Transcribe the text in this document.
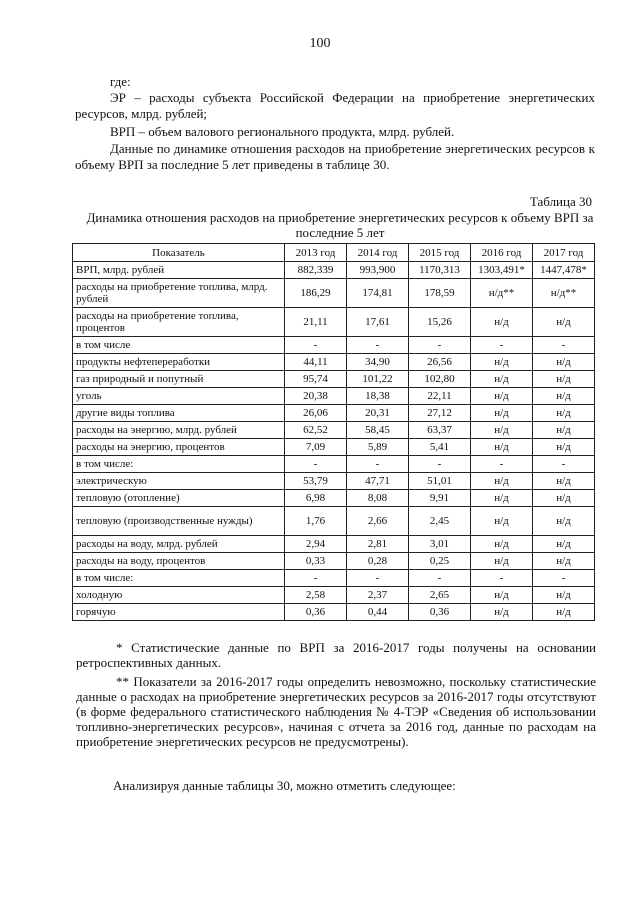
100
где:
ЭР – расходы субъекта Российской Федерации на приобретение энергетических ресурсов, млрд. рублей;
ВРП – объем валового регионального продукта, млрд. рублей.
Данные по динамике отношения расходов на приобретение энергетических ресурсов к объему ВРП за последние 5 лет приведены в таблице 30.
Таблица 30
Динамика отношения расходов на приобретение энергетических ресурсов к объему ВРП за последние 5 лет
Показатель	2013 год	2014 год	2015 год	2016 год	2017 год
ВРП, млрд. рублей	882,339	993,900	1170,313	1303,491*	1447,478*
расходы на приобретение топлива, млрд. рублей	186,29	174,81	178,59	н/д**	н/д**
расходы на приобретение топлива, процентов	21,11	17,61	15,26	н/д	н/д
в том числе	-	-	-	-	-
продукты нефтепереработки	44,11	34,90	26,56	н/д	н/д
газ природный и попутный	95,74	101,22	102,80	н/д	н/д
уголь	20,38	18,38	22,11	н/д	н/д
другие виды топлива	26,06	20,31	27,12	н/д	н/д
расходы на энергию, млрд. рублей	62,52	58,45	63,37	н/д	н/д
расходы на энергию, процентов	7,09	5,89	5,41	н/д	н/д
в том числе:	-	-	-	-	-
электрическую	53,79	47,71	51,01	н/д	н/д
тепловую (отопление)	6,98	8,08	9,91	н/д	н/д
тепловую (производственные нужды)	1,76	2,66	2,45	н/д	н/д
расходы на воду, млрд. рублей	2,94	2,81	3,01	н/д	н/д
расходы на воду, процентов	0,33	0,28	0,25	н/д	н/д
в том числе:	-	-	-	-	-
холодную	2,58	2,37	2,65	н/д	н/д
горячую	0,36	0,44	0,36	н/д	н/д
* Статистические данные по ВРП за 2016-2017 годы получены на основании ретроспективных данных.
** Показатели за 2016-2017 годы определить невозможно, поскольку статистические данные о расходах на приобретение энергетических ресурсов за 2016-2017 годы отсутствуют (в форме федерального статистического наблюдения № 4-ТЭР «Сведения об использовании топливно-энергетических ресурсов», начиная с отчета за 2016 год, данные по расходам на приобретение энергетических ресурсов не предусмотрены).
Анализируя данные таблицы 30, можно отметить следующее:
